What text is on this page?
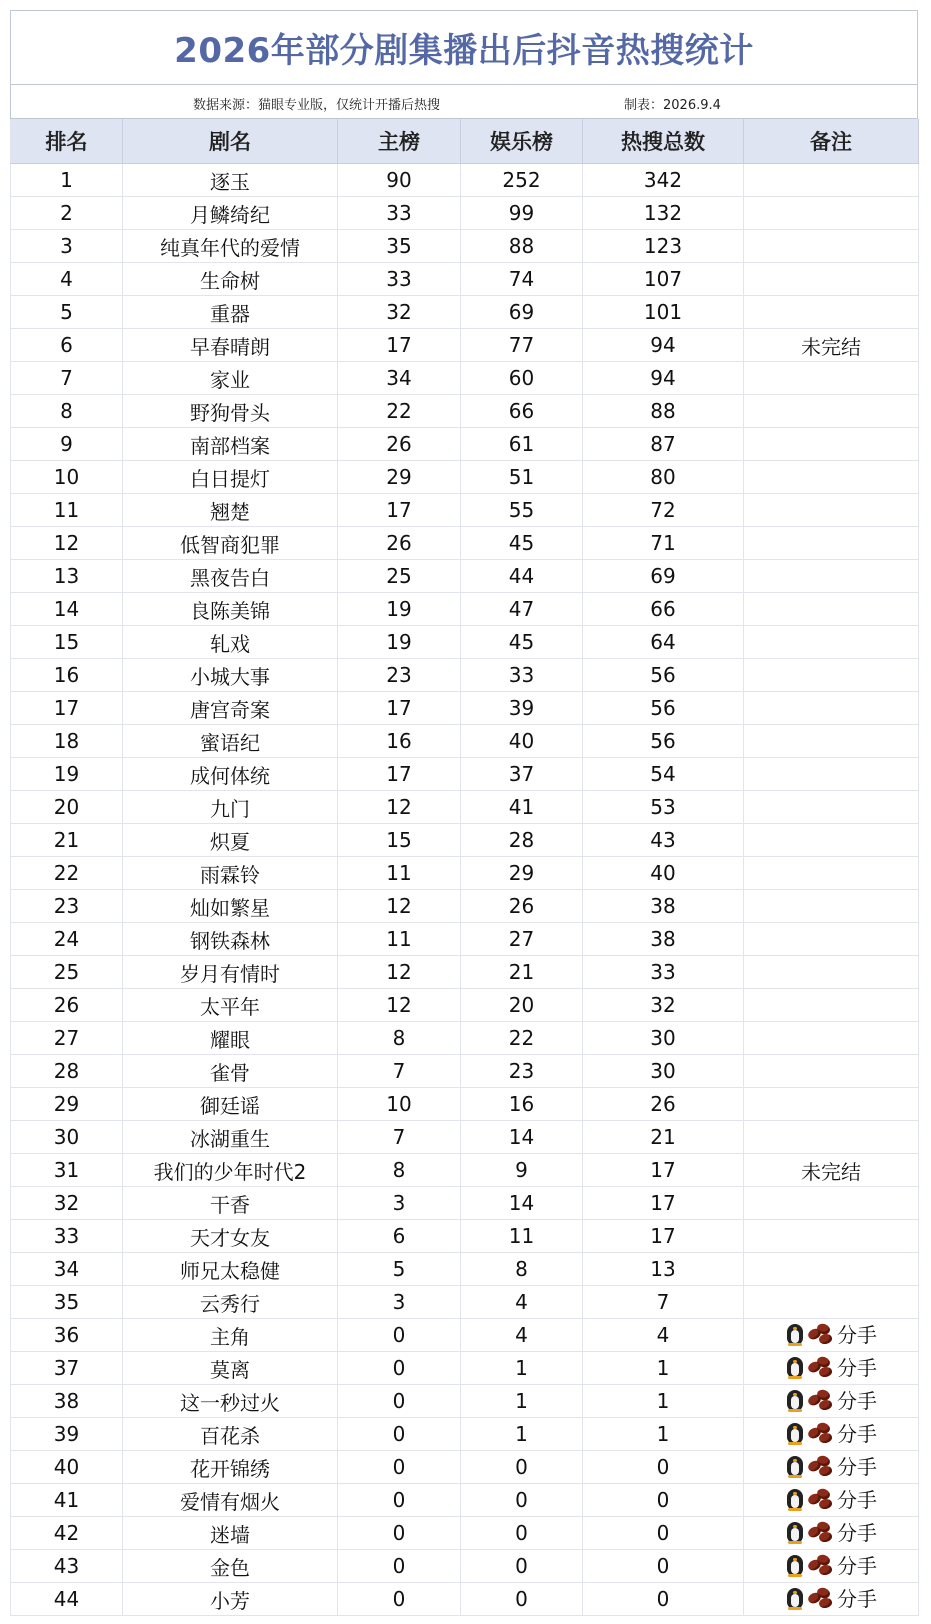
2026年部分剧集播出后抖音热搜统计
数据来源：猫眼专业版，仅统计开播后热搜	制表：2026.9.4
排名	剧名	主榜	娱乐榜	热搜总数	备注
1	逐玉	90	252	342	
2	月鳞绮纪	33	99	132	
3	纯真年代的爱情	35	88	123	
4	生命树	33	74	107	
5	重器	32	69	101	
6	早春晴朗	17	77	94	未完结
7	家业	34	60	94	
8	野狗骨头	22	66	88	
9	南部档案	26	61	87	
10	白日提灯	29	51	80	
11	翘楚	17	55	72	
12	低智商犯罪	26	45	71	
13	黑夜告白	25	44	69	
14	良陈美锦	19	47	66	
15	轧戏	19	45	64	
16	小城大事	23	33	56	
17	唐宫奇案	17	39	56	
18	蜜语纪	16	40	56	
19	成何体统	17	37	54	
20	九门	12	41	53	
21	炽夏	15	28	43	
22	雨霖铃	11	29	40	
23	灿如繁星	12	26	38	
24	钢铁森林	11	27	38	
25	岁月有情时	12	21	33	
26	太平年	12	20	32	
27	耀眼	8	22	30	
28	雀骨	7	23	30	
29	御廷谣	10	16	26	
30	冰湖重生	7	14	21	
31	我们的少年时代2	8	9	17	未完结
32	干香	3	14	17	
33	天才女友	6	11	17	
34	师兄太稳健	5	8	13	
35	云秀行	3	4	7	
36	主角	0	4	4	分手

37	莫离	0	1	1	分手

38	这一秒过火	0	1	1	分手

39	百花杀	0	1	1	分手

40	花开锦绣	0	0	0	分手

41	爱情有烟火	0	0	0	分手

42	迷墙	0	0	0	分手

43	金色	0	0	0	分手

44	小芳	0	0	0	分手
